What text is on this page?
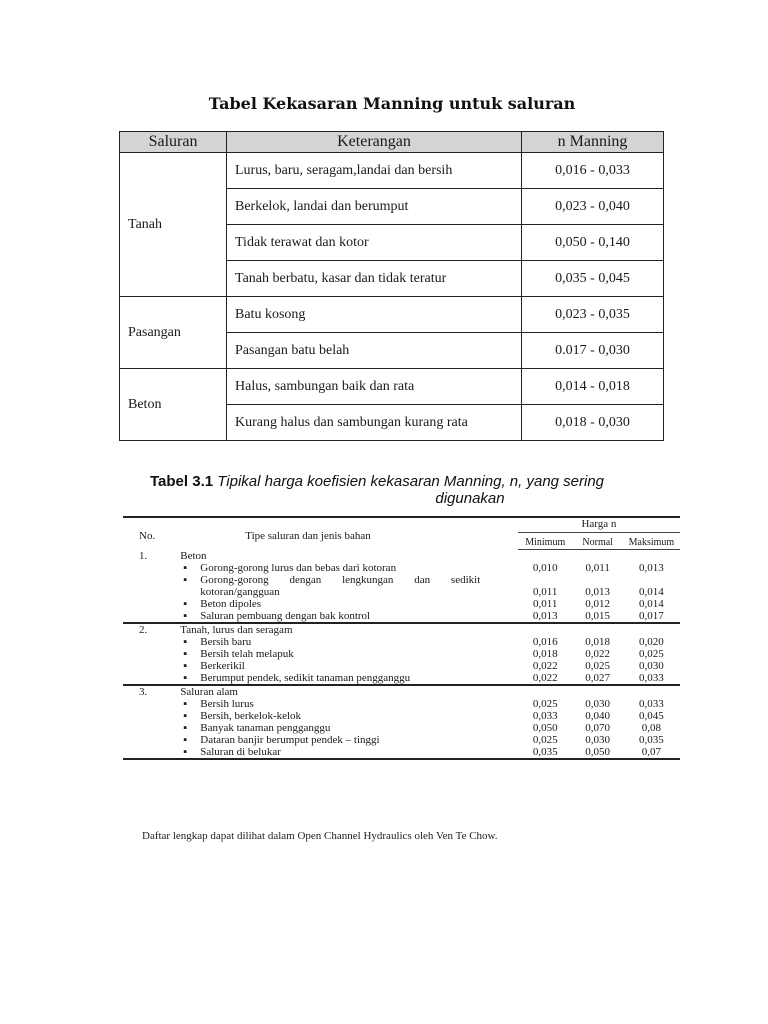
Tabel Kekasaran Manning untuk saluran
Saluran	Keterangan	n Manning
Tanah	Lurus, baru, seragam,landai dan bersih	0,016 - 0,033
	Berkelok, landai dan berumput	0,023 - 0,040
	Tidak terawat dan kotor	0,050 - 0,140
	Tanah berbatu, kasar dan tidak teratur	0,035 - 0,045
Pasangan	Batu kosong	0,023 - 0,035
	Pasangan batu belah	0.017 - 0,030
Beton	Halus, sambungan baik dan rata	0,014 - 0,018
	Kurang halus dan sambungan kurang rata	0,018 - 0,030
Tabel 3.1 Tipikal harga koefisien kekasaran Manning, n, yang sering
digunakan
No.	Tipe saluran dan jenis bahan	Harga n		
		Minimum	Normal	Maksimum
1.	Beton			
	▪ Gorong-gorong lurus dan bebas dari kotoran	0,010	0,011	0,013
	▪ Gorong-gorong dengan lengkungan dan sedikit kotoran/gangguan	0,011	0,013	0,014
	▪ Beton dipoles	0,011	0,012	0,014
	▪ Saluran pembuang dengan bak kontrol	0,013	0,015	0,017
2.	Tanah, lurus dan seragam			
	▪ Bersih baru	0,016	0,018	0,020
	▪ Bersih telah melapuk	0,018	0,022	0,025
	▪ Berkerikil	0,022	0,025	0,030
	▪ Berumput pendek, sedikit tanaman pengganggu	0,022	0,027	0,033
3.	Saluran alam			
	▪ Bersih lurus	0,025	0,030	0,033
	▪ Bersih, berkelok-kelok	0,033	0,040	0,045
	▪ Banyak tanaman pengganggu	0,050	0,070	0,08
	▪ Dataran banjir berumput pendek – tinggi	0,025	0,030	0,035
	▪ Saluran di belukar	0,035	0,050	0,07
Daftar lengkap dapat dilihat dalam Open Channel Hydraulics oleh Ven Te Chow.
